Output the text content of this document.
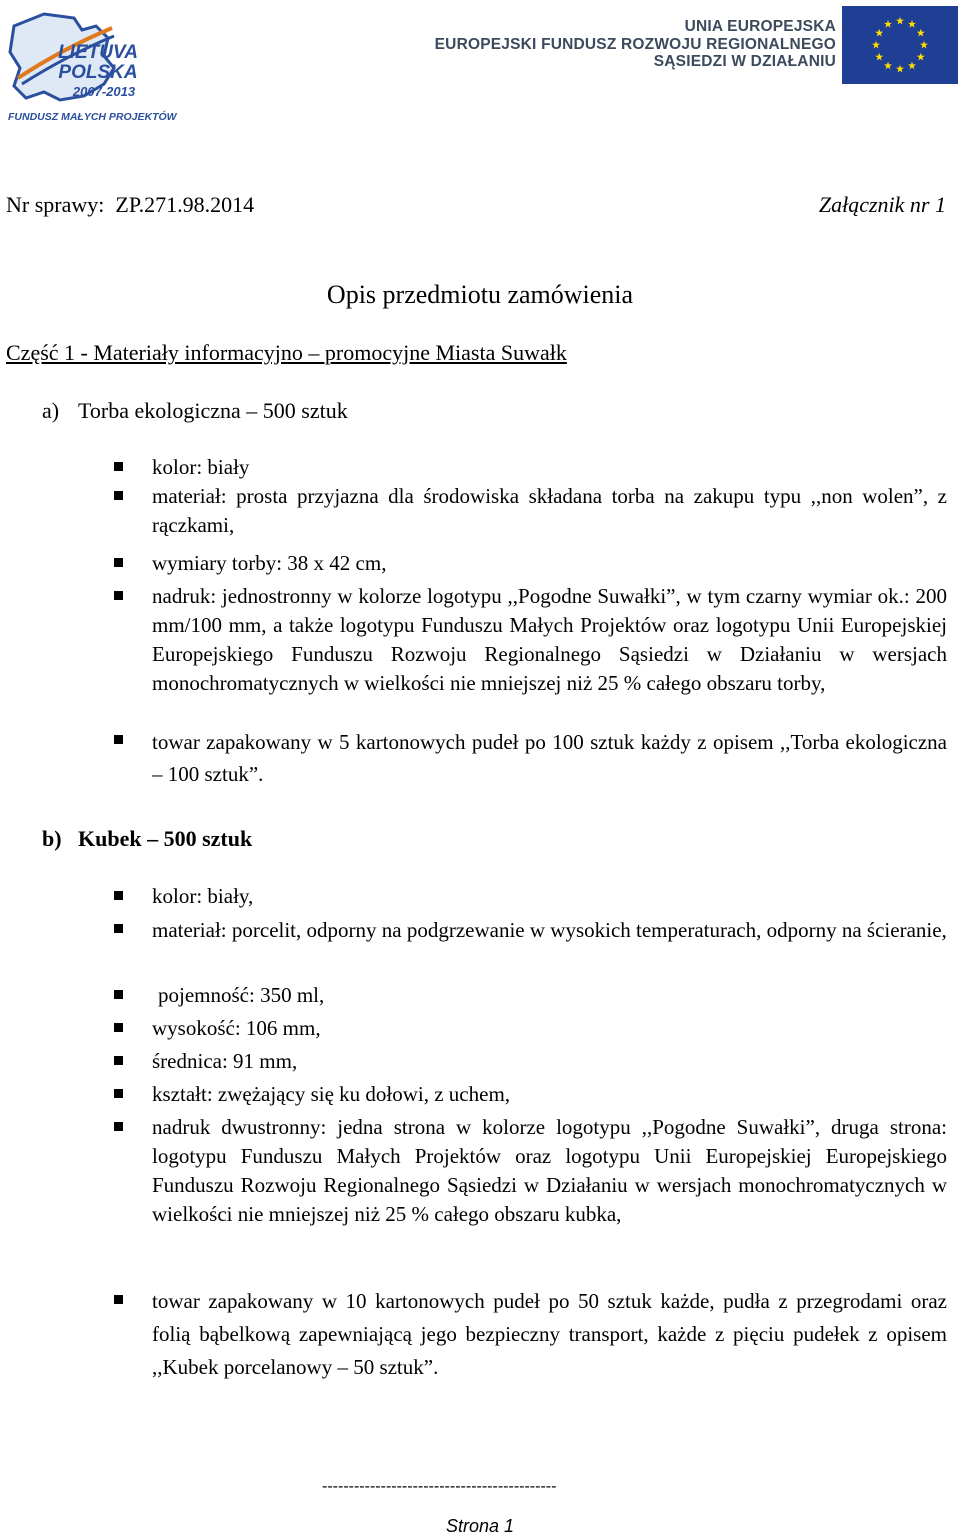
LIETUVA
POLSKA
2007-2013
FUNDUSZ MAŁYCH PROJEKTÓW
UNIA EUROPEJSKA
EUROPEJSKI FUNDUSZ ROZWOJU REGIONALNEGO
SĄSIEDZI W DZIAŁANIU
Nr sprawy: ZP.271.98.2014	Załącznik nr 1
Opis przedmiotu zamówienia
Część 1 - Materiały informacyjno – promocyjne Miasta Suwałk
a) Torba ekologiczna – 500 sztuk
kolor: biały
materiał: prosta przyjazna dla środowiska składana torba na zakupu typu ,,non wolen”, z rączkami,
wymiary torby: 38 x 42 cm,
nadruk: jednostronny w kolorze logotypu ,,Pogodne Suwałki”, w tym czarny wymiar ok.: 200 mm/100 mm, a także logotypu Funduszu Małych Projektów oraz logotypu Unii Europejskiej Europejskiego Funduszu Rozwoju Regionalnego Sąsiedzi w Działaniu w wersjach monochromatycznych w wielkości nie mniejszej niż 25 % całego obszaru torby,
towar zapakowany w 5 kartonowych pudeł po 100 sztuk każdy z opisem ,,Torba ekologiczna – 100 sztuk”.
b) Kubek – 500 sztuk
kolor: biały,
materiał: porcelit, odporny na podgrzewanie w wysokich temperaturach, odporny na ścieranie,
pojemność: 350 ml,
wysokość: 106 mm,
średnica: 91 mm,
kształt: zwężający się ku dołowi, z uchem,
nadruk dwustronny: jedna strona w kolorze logotypu ,,Pogodne Suwałki”, druga strona: logotypu Funduszu Małych Projektów oraz logotypu Unii Europejskiej Europejskiego Funduszu Rozwoju Regionalnego Sąsiedzi w Działaniu w wersjach monochromatycznych w wielkości nie mniejszej niż 25 % całego obszaru kubka,
towar zapakowany w 10 kartonowych pudeł po 50 sztuk każde, pudła z przegrodami oraz folią bąbelkową zapewniającą jego bezpieczny transport, każde z pięciu pudełek z opisem ,,Kubek porcelanowy – 50 sztuk”.
--------------------------------------------
Strona 1
